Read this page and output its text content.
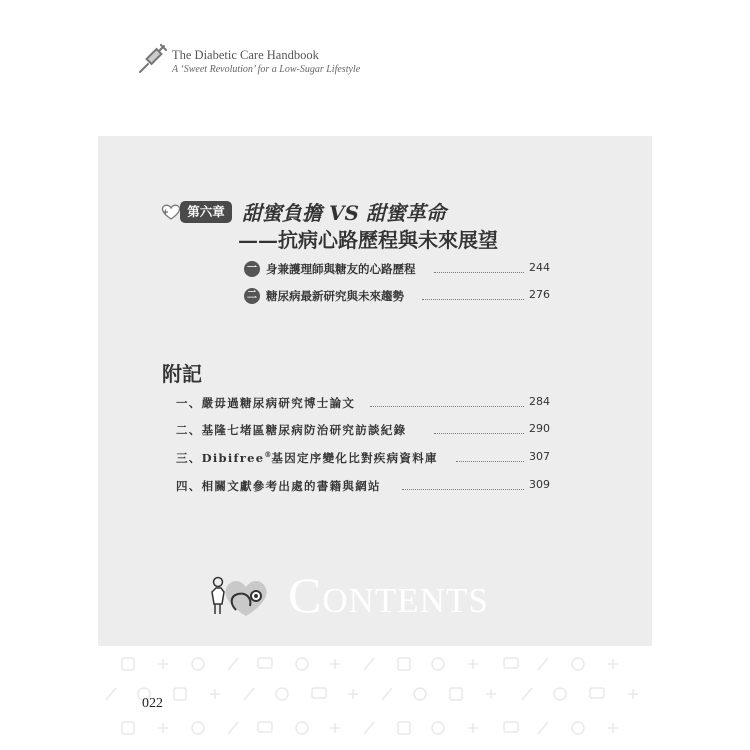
The Diabetic Care Handbook
A ‘Sweet Revolution’ for a Low-Sugar Lifestyle
第六章 甜蜜負擔 VS 甜蜜革命
——抗病心路歷程與未來展望
一 身兼護理師與糖友的心路歷程	244
二 糖尿病最新研究與未來趨勢	276
附記
一、嚴毋過糖尿病研究博士論文	284
二、基隆七堵區糖尿病防治研究訪談紀錄	290
三、Dibifree®基因定序變化比對疾病資料庫	307
四、相關文獻參考出處的書籍與網站	309
Contents
022
